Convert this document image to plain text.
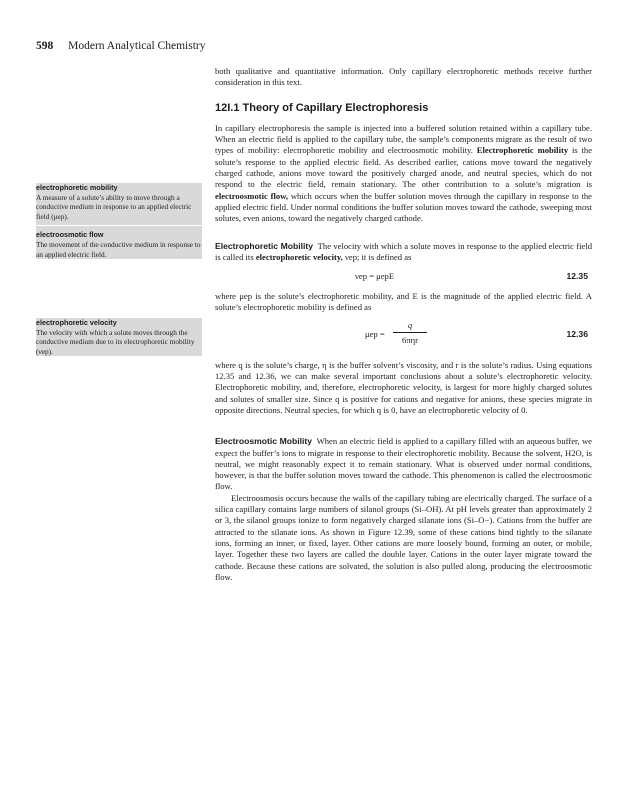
598 Modern Analytical Chemistry
electrophoretic mobility
A measure of a solute’s ability to move through a conductive medium in response to an applied electric field (μep).
electroosmotic flow
The movement of the conductive medium in response to an applied electric field.
electrophoretic velocity
The velocity with which a solute moves through the conductive medium due to its electrophoretic mobility (νep).

both qualitative and quantitative information. Only capillary electrophoretic methods receive further consideration in this text.

12I.1 Theory of Capillary Electrophoresis

In capillary electrophoresis the sample is injected into a buffered solution retained within a capillary tube. When an electric field is applied to the capillary tube, the sample’s components migrate as the result of two types of mobility: electrophoretic mobility and electroosmotic mobility. Electrophoretic mobility is the solute’s response to the applied electric field. As described earlier, cations move toward the negatively charged cathode, anions move toward the positively charged anode, and neutral species, which do not respond to the electric field, remain stationary. The other contribution to a solute’s migration is electroosmotic flow, which occurs when the buffer solution moves through the capillary in response to the applied electric field. Under normal conditions the buffer solution moves toward the cathode, sweeping most solutes, even anions, toward the negatively charged cathode.

Electrophoretic Mobility The velocity with which a solute moves in response to the applied electric field is called its electrophoretic velocity, νep; it is defined as

νep = μepE	12.35

where μep is the solute’s electrophoretic mobility, and E is the magnitude of the applied electric field. A solute’s electrophoretic mobility is defined as

μep =
q
6πηr
12.36

where q is the solute’s charge, η is the buffer solvent’s viscosity, and r is the solute’s radius. Using equations 12.35 and 12.36, we can make several important conclusions about a solute’s electrophoretic velocity. Electrophoretic mobility, and, therefore, electrophoretic velocity, is largest for more highly charged solutes and solutes of smaller size. Since q is positive for cations and negative for anions, these species migrate in opposite directions. Neutral species, for which q is 0, have an electrophoretic velocity of 0.

Electroosmotic Mobility When an electric field is applied to a capillary filled with an aqueous buffer, we expect the buffer’s ions to migrate in response to their electrophoretic mobility. Because the solvent, H2O, is neutral, we might reasonably expect it to remain stationary. What is observed under normal conditions, however, is that the buffer solution moves toward the cathode. This phenomenon is called the electroosmotic flow.

Electroosmosis occurs because the walls of the capillary tubing are electrically charged. The surface of a silica capillary contains large numbers of silanol groups (Si–OH). At pH levels greater than approximately 2 or 3, the silanol groups ionize to form negatively charged silanate ions (Si–O−). Cations from the buffer are attracted to the silanate ions. As shown in Figure 12.39, some of these cations bind tightly to the silanate ions, forming an inner, or fixed, layer. Other cations are more loosely bound, forming an outer, or mobile, layer. Together these two layers are called the double layer. Cations in the outer layer migrate toward the cathode. Because these cations are solvated, the solution is also pulled along, producing the electroosmotic flow.
